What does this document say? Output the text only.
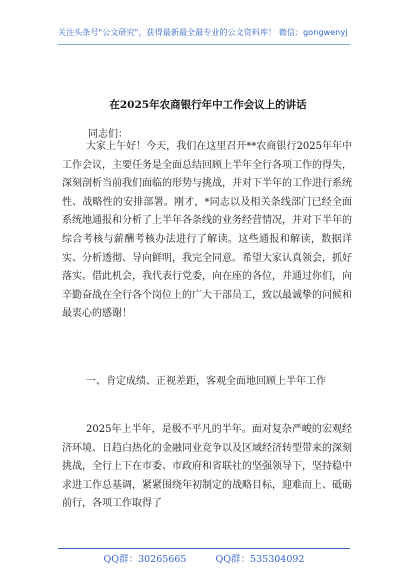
关注头条号"公文研究"，获得最新最全最专业的公文资料库！ 微信：gongwenyj
在2025年农商银行年中工作会议上的讲话
同志们：

大家上午好！今天，我们在这里召开**农商银行2025年年中工作会议，主要任务是全面总结回顾上半年全行各项工作的得失，深刻剖析当前我们面临的形势与挑战，并对下半年的工作进行系统性、战略性的安排部署。刚才，*同志以及相关条线部门已经全面系统地通报和分析了上半年各条线的业务经营情况，并对下半年的综合考核与薪酬考核办法进行了解读。这些通报和解读，数据详实、分析透彻、导向鲜明，我完全同意。希望大家认真领会，抓好落实。借此机会，我代表行党委，向在座的各位，并通过你们，向辛勤奋战在全行各个岗位上的广大干部员工，致以最诚挚的问候和最衷心的感谢！

一、肯定成绩、正视差距，客观全面地回顾上半年工作

2025年上半年，是极不平凡的半年。面对复杂严峻的宏观经济环境、日趋白热化的金融同业竞争以及区域经济转型带来的深刻挑战，全行上下在市委、市政府和省联社的坚强领导下，坚持稳中求进工作总基调，紧紧围绕年初制定的战略目标，迎难而上、砥砺前行，各项工作取得了

QQ群：30265665	QQ群：535304092
